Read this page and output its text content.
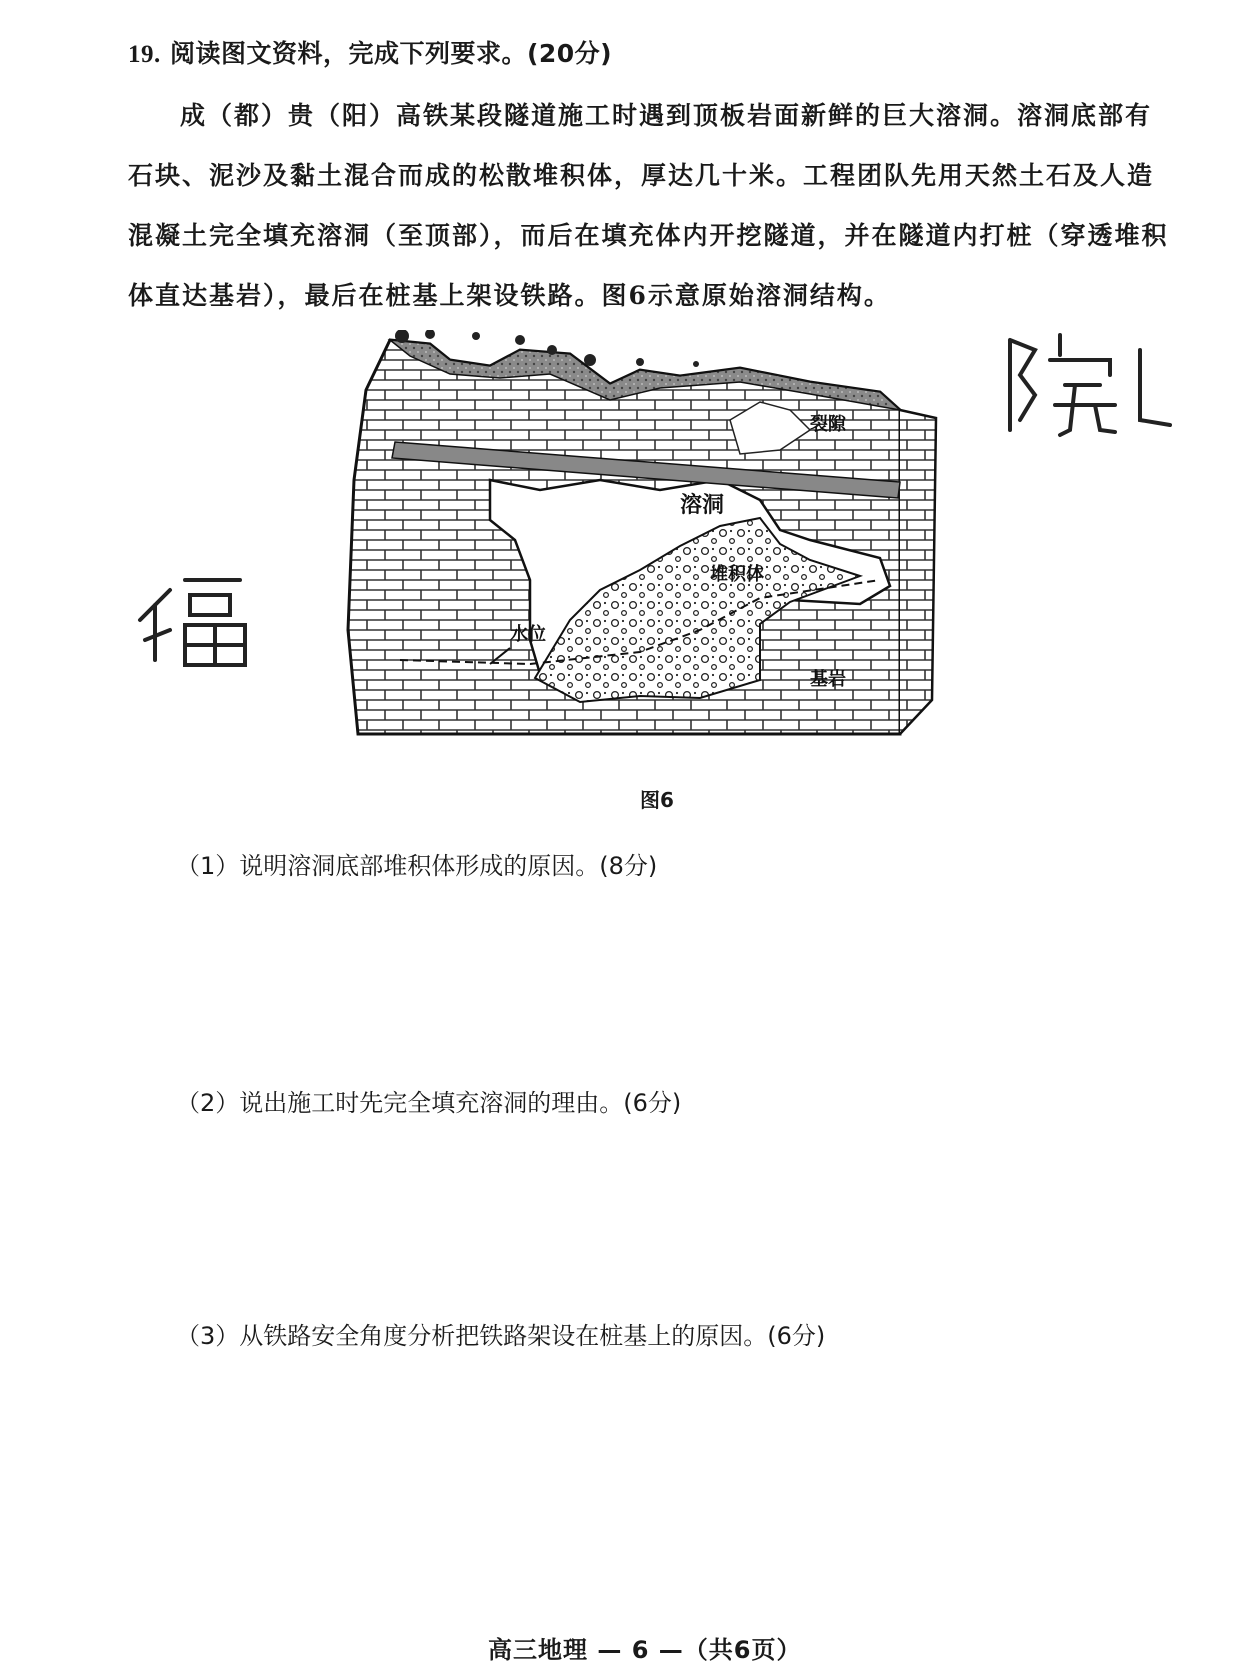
19. 阅读图文资料，完成下列要求。(20分)
成（都）贵（阳）高铁某段隧道施工时遇到顶板岩面新鲜的巨大溶洞。溶洞底部有石块、泥沙及黏土混合而成的松散堆积体，厚达几十米。工程团队先用天然土石及人造混凝土完全填充溶洞（至顶部），而后在填充体内开挖隧道，并在隧道内打桩（穿透堆积体直达基岩），最后在桩基上架设铁路。图6示意原始溶洞结构。
裂隙
溶洞
堆积体
水位
基岩
图6
（1）说明溶洞底部堆积体形成的原因。(8分)
（2）说出施工时先完全填充溶洞的理由。(6分)
（3）从铁路安全角度分析把铁路架设在桩基上的原因。(6分)
高三地理 — 6 —（共6页）
